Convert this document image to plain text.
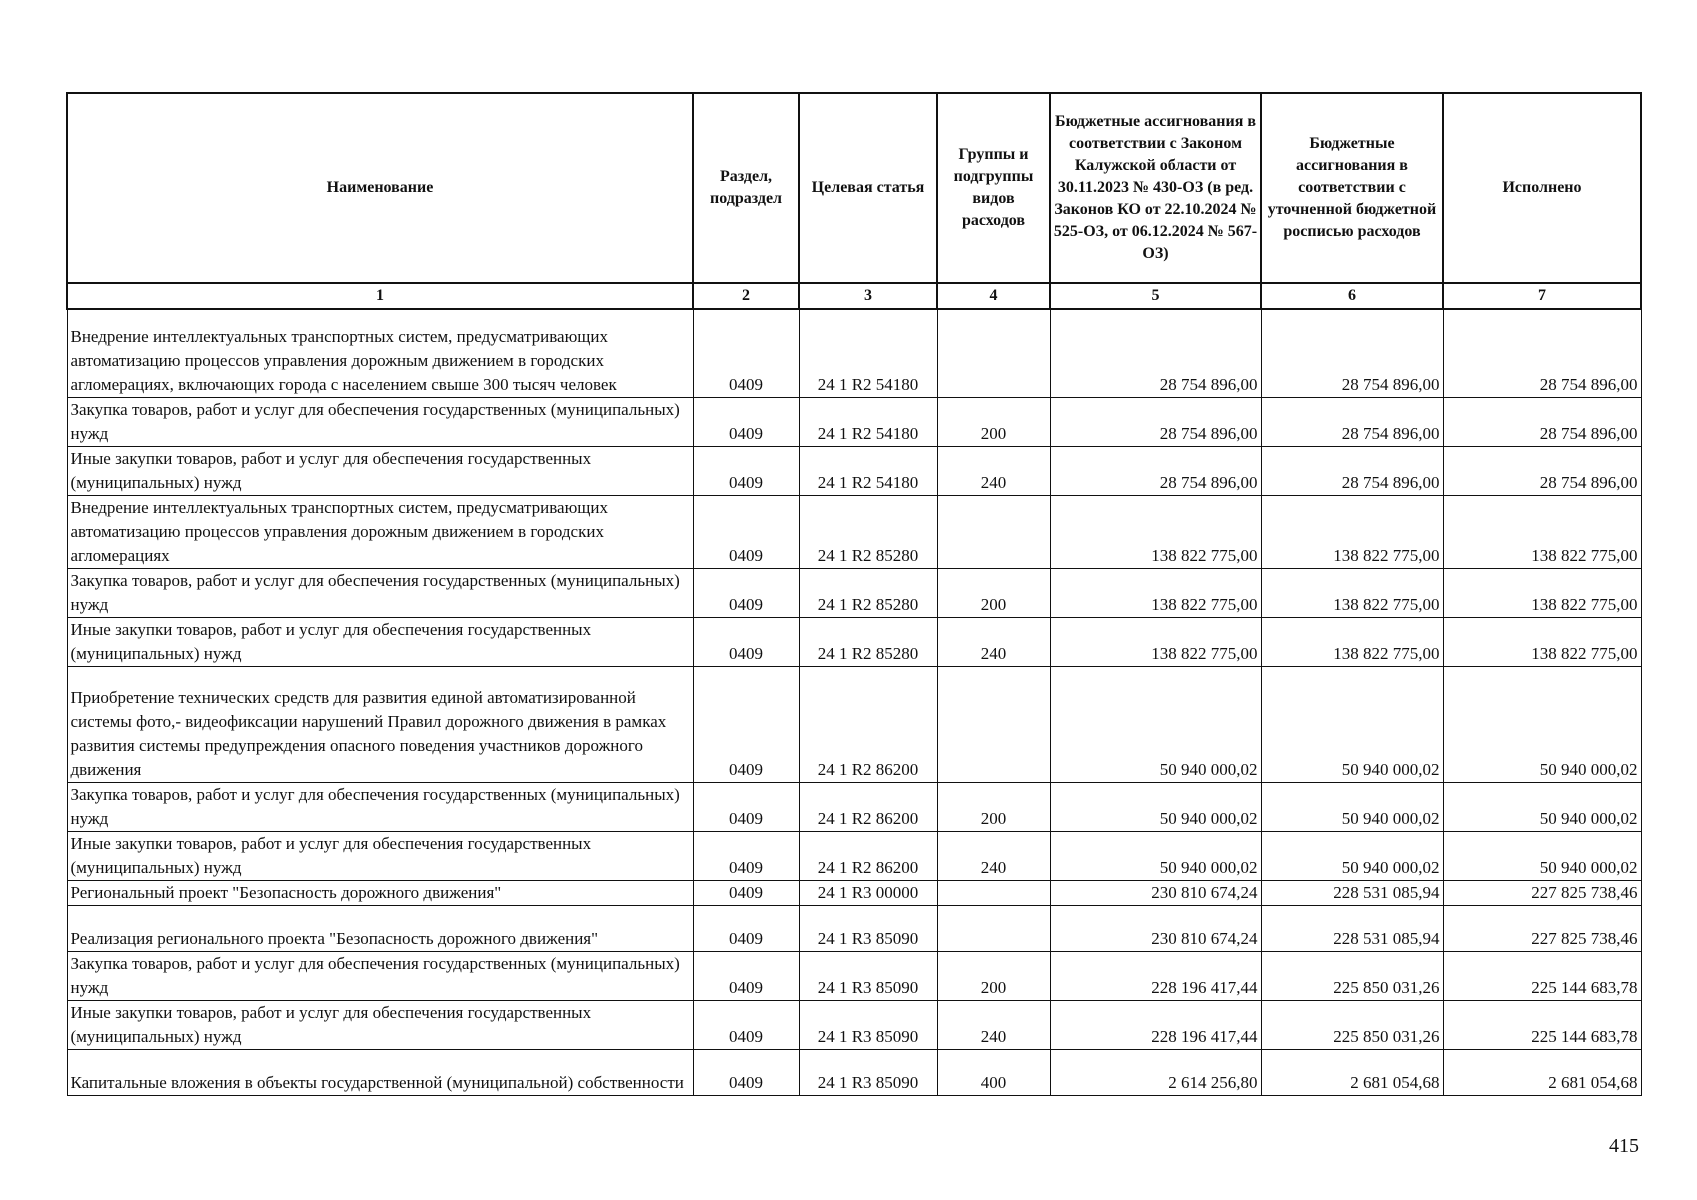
Наименование	Раздел, подраздел	Целевая статья	Группы и подгруппы видов расходов	Бюджетные ассигнования в соответствии с Законом Калужской области от 30.11.2023 № 430-ОЗ (в ред. Законов КО от 22.10.2024 № 525-ОЗ, от 06.12.2024 № 567-ОЗ)	Бюджетные ассигнования в соответствии с уточненной бюджетной росписью расходов	Исполнено
1	2	3	4	5	6	7
Внедрение интеллектуальных транспортных систем, предусматривающих автоматизацию процессов управления дорожным движением в городских агломерациях, включающих города с населением свыше 300 тысяч человек	0409	24 1 R2 54180		28 754 896,00	28 754 896,00	28 754 896,00
Закупка товаров, работ и услуг для обеспечения государственных (муниципальных) нужд	0409	24 1 R2 54180	200	28 754 896,00	28 754 896,00	28 754 896,00
Иные закупки товаров, работ и услуг для обеспечения государственных (муниципальных) нужд	0409	24 1 R2 54180	240	28 754 896,00	28 754 896,00	28 754 896,00
Внедрение интеллектуальных транспортных систем, предусматривающих автоматизацию процессов управления дорожным движением в городских агломерациях	0409	24 1 R2 85280		138 822 775,00	138 822 775,00	138 822 775,00
Закупка товаров, работ и услуг для обеспечения государственных (муниципальных) нужд	0409	24 1 R2 85280	200	138 822 775,00	138 822 775,00	138 822 775,00
Иные закупки товаров, работ и услуг для обеспечения государственных (муниципальных) нужд	0409	24 1 R2 85280	240	138 822 775,00	138 822 775,00	138 822 775,00
Приобретение технических средств для развития единой автоматизированной системы фото,- видеофиксации нарушений Правил дорожного движения в рамках развития системы предупреждения опасного поведения участников дорожного движения	0409	24 1 R2 86200		50 940 000,02	50 940 000,02	50 940 000,02
Закупка товаров, работ и услуг для обеспечения государственных (муниципальных) нужд	0409	24 1 R2 86200	200	50 940 000,02	50 940 000,02	50 940 000,02
Иные закупки товаров, работ и услуг для обеспечения государственных (муниципальных) нужд	0409	24 1 R2 86200	240	50 940 000,02	50 940 000,02	50 940 000,02
Региональный проект "Безопасность дорожного движения"	0409	24 1 R3 00000		230 810 674,24	228 531 085,94	227 825 738,46
Реализация регионального проекта "Безопасность дорожного движения"	0409	24 1 R3 85090		230 810 674,24	228 531 085,94	227 825 738,46
Закупка товаров, работ и услуг для обеспечения государственных (муниципальных) нужд	0409	24 1 R3 85090	200	228 196 417,44	225 850 031,26	225 144 683,78
Иные закупки товаров, работ и услуг для обеспечения государственных (муниципальных) нужд	0409	24 1 R3 85090	240	228 196 417,44	225 850 031,26	225 144 683,78
Капитальные вложения в объекты государственной (муниципальной) собственности	0409	24 1 R3 85090	400	2 614 256,80	2 681 054,68	2 681 054,68
415
